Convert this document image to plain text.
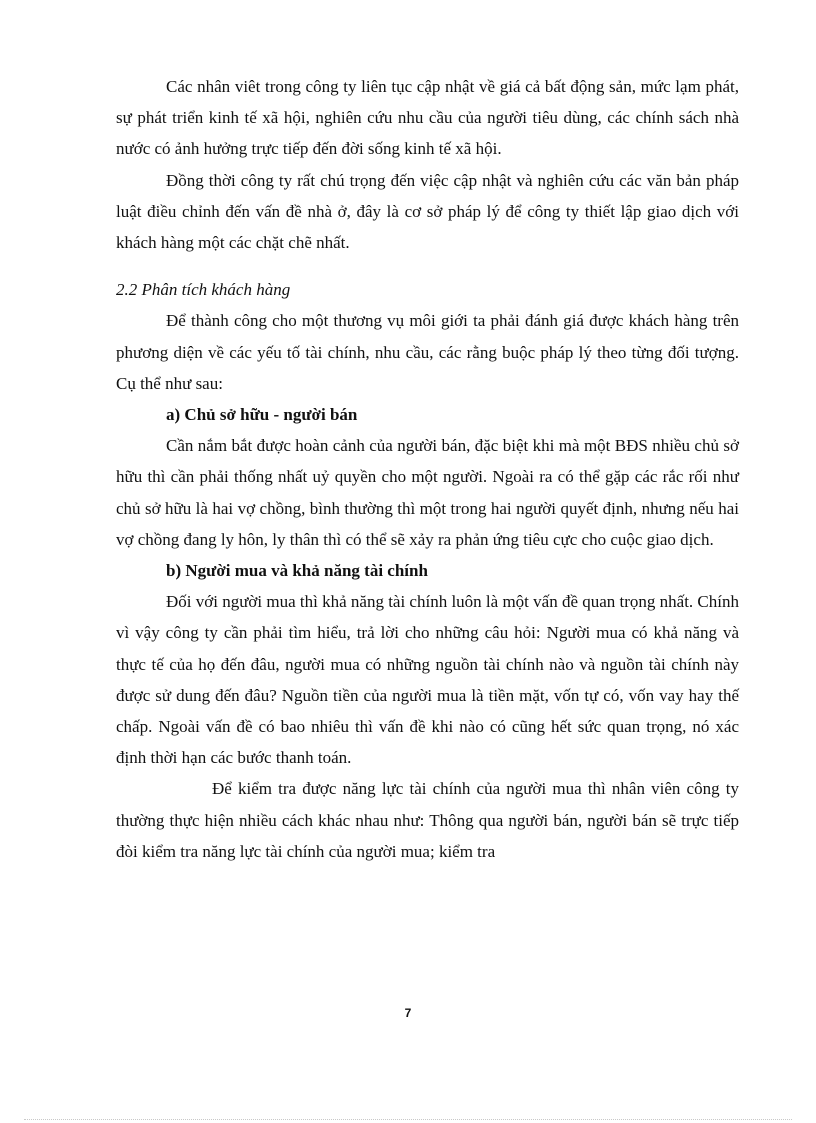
Các nhân viêt trong công ty liên tục cập nhật về giá cả bất động sản, mức lạm phát, sự phát triển kinh tế xã hội, nghiên cứu nhu cầu của người tiêu dùng, các chính sách nhà nước có ảnh hưởng trực tiếp đến đời sống kinh tế xã hội.

Đồng thời công ty rất chú trọng đến việc cập nhật và nghiên cứu các văn bản pháp luật điều chỉnh đến vấn đề nhà ở, đây là cơ sở pháp lý để công ty thiết lập giao dịch với khách hàng một các chặt chẽ nhất.

2.2 Phân tích khách hàng

Để thành công cho một thương vụ môi giới ta phải đánh giá được khách hàng trên phương diện về các yếu tố tài chính, nhu cầu, các rằng buộc pháp lý theo từng đối tượng. Cụ thể như sau:

a) Chủ sở hữu - người bán

Cần nắm bắt được hoàn cảnh của người bán, đặc biệt khi mà một BĐS nhiều chủ sở hữu thì cần phải thống nhất uỷ quyền cho một người. Ngoài ra có thể gặp các rắc rối như chủ sở hữu là hai vợ chồng, bình thường thì một trong hai người quyết định, nhưng nếu hai vợ chồng đang ly hôn, ly thân thì có thể sẽ xảy ra phản ứng tiêu cực cho cuộc giao dịch.

b) Người mua và khả năng tài chính

Đối với người mua thì khả năng tài chính luôn là một vấn đề quan trọng nhất. Chính vì vậy công ty cần phải tìm hiểu, trả lời cho những câu hỏi: Người mua có khả năng và thực tế của họ đến đâu, người mua có những nguồn tài chính nào và nguồn tài chính này được sử dung đến đâu? Nguồn tiền của người mua là tiền mặt, vốn tự có, vốn vay hay thế chấp. Ngoài vấn đề có bao nhiêu thì vấn đề khi nào có cũng hết sức quan trọng, nó xác định thời hạn các bước thanh toán.

Để kiểm tra được năng lực tài chính của người mua thì nhân viên công ty thường thực hiện nhiều cách khác nhau như: Thông qua người bán, người bán sẽ trực tiếp đòi kiểm tra năng lực tài chính của người mua; kiểm tra

7
